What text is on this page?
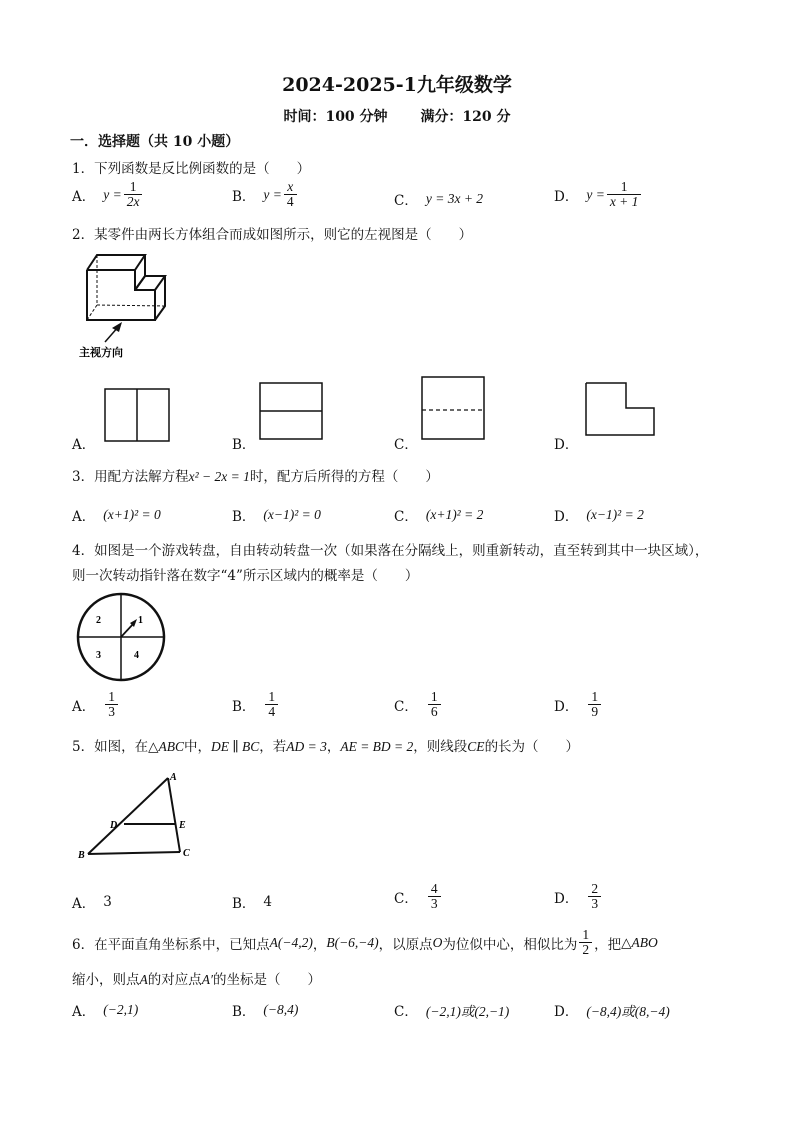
2024-2025-1九年级数学
时间：100 分钟 满分：120 分
一．选择题（共 10 小题）
1．下列函数是反比例函数的是（　　）
A． $y = \frac{1}{2x}$	B． $y = \frac{x}{4}$	C． y = 3x + 2	D． $y = \frac{1}{x + 1}$
2．某零件由两长方体组合而成如图所示，则它的左视图是（　　）
主视方向
A．	B．	C．	D．
3．用配方法解方程x² − 2x = 1时，配方后所得的方程（　　）
A． (x+1)² = 0	B． (x−1)² = 0	C． (x+1)² = 2	D． (x−1)² = 2
4．如图是一个游戏转盘，自由转动转盘一次（如果落在分隔线上，则重新转动，直至转到其中一块区域），
则一次转动指针落在数字“4”所示区域内的概率是（　　）
1
2
3	4
A． $\frac{1}{3}$	B． $\frac{1}{4}$	C． $\frac{1}{6}$	D． $\frac{1}{9}$
5．如图，在△ABC中，DE ∥ BC，若AD = 3，AE = BD = 2，则线段CE的长为（　　）
A
B	C
D	E
A． 3	B． 4	C． $\frac{4}{3}$	D． $\frac{2}{3}$
6．在平面直角坐标系中，已知点 A(−4,2) ， B(−6,−4) ，以原点 O 为位似中心，相似比为 $\frac{1}{2}$ ，把 △ABO
缩小，则点A的对应点A′的坐标是（　　）
A． (−2,1)	B． (−8,4)	C． (−2,1)或(2,−1)	D． (−8,4)或(8,−4)
